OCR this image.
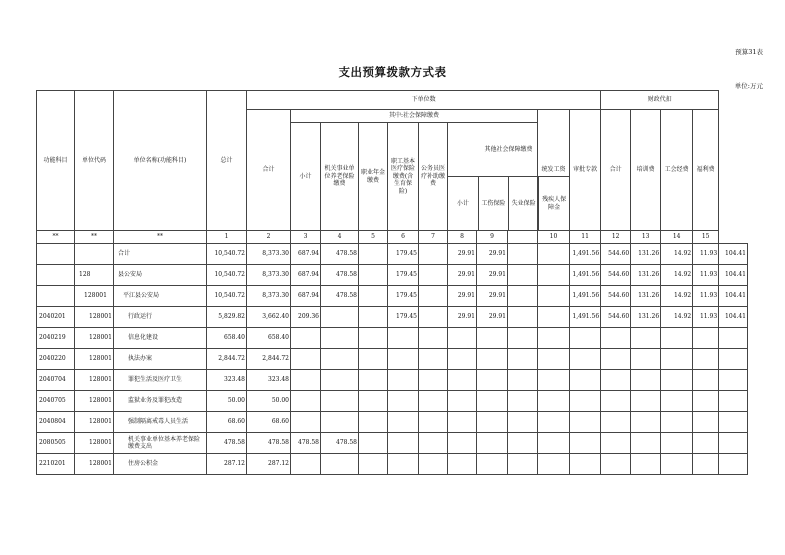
预算31表
支出预算拨款方式表
单位:万元
功能科目	单位代码	单位名称(功能科目)	总计	下单位数	财政代扣
合计	其中:社会保障缴费	统发工资	审批专款	合计	培训费	工会经费	福利费
小计	机关事业单位养老保险缴费	职业年金缴费	职工基本医疗保险缴费(含生育保险)	公务员医疗补助缴费	
其他社会保障缴费
小计	工伤保险	失业保险	残疾人保障金

**	**	**	1	2	3	4	5	6	7	8	9		10	11	12	13	14	15
		合计	10,540.72	8,373.30	687.94	478.58		179.45		29.91	29.91			1,491.56	544.60	131.26	14.92	11.93	104.41
	128	县公安局	10,540.72	8,373.30	687.94	478.58		179.45		29.91	29.91			1,491.56	544.60	131.26	14.92	11.93	104.41
	128001	平江县公安局	10,540.72	8,373.30	687.94	478.58		179.45		29.91	29.91			1,491.56	544.60	131.26	14.92	11.93	104.41
2040201	128001	行政运行	5,829.82	3,662.40	209.36			179.45		29.91	29.91			1,491.56	544.60	131.26	14.92	11.93	104.41
2040219	128001	信息化建设	658.40	658.40															
2040220	128001	执法办案	2,844.72	2,844.72															
2040704	128001	罪犯生活及医疗卫生	323.48	323.48															
2040705	128001	监狱业务及罪犯改造	50.00	50.00															
2040804	128001	强制隔离戒毒人员生活	68.60	68.60															
2080505	128001	机关事业单位基本养老保险缴费支出	478.58	478.58	478.58	478.58													
2210201	128001	住房公积金	287.12	287.12															
